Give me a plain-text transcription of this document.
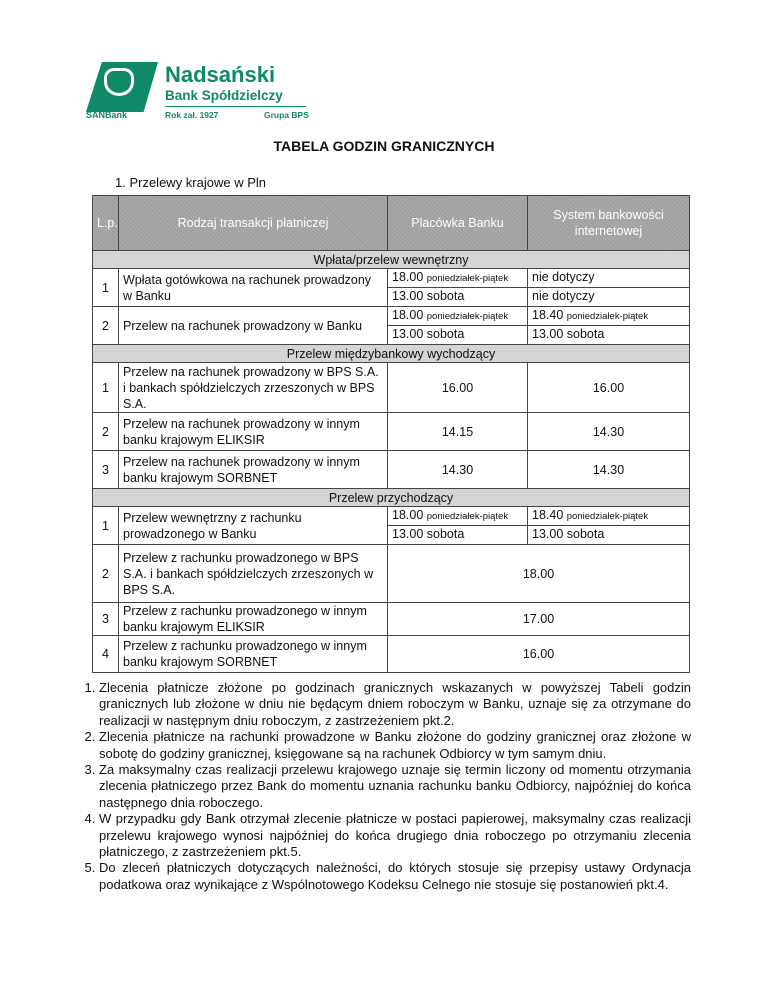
SANBank
Nadsański
Bank Spółdzielczy
Rok zał. 1927	Grupa BPS
TABELA GODZIN GRANICZNYCH
1. Przelewy krajowe w Pln
L.p.	Rodzaj transakcji płatniczej	Placówka Banku	System bankowości internetowej
Wpłata/przelew wewnętrzny			
1	Wpłata gotówkowa na rachunek prowadzony w Banku	18.00 poniedziałek-piątek	nie dotyczy
		13.00 sobota	nie dotyczy
2	Przelew na rachunek prowadzony w Banku	18.00 poniedziałek-piątek	18.40 poniedziałek-piątek
		13.00 sobota	13.00 sobota
Przelew międzybankowy wychodzący			
1	Przelew na rachunek prowadzony w BPS S.A. i bankach spółdzielczych zrzeszonych w BPS S.A.	16.00	16.00
2	Przelew na rachunek prowadzony w innym banku krajowym ELIKSIR	14.15	14.30
3	Przelew na rachunek prowadzony w innym banku krajowym SORBNET	14.30	14.30
Przelew przychodzący			
1	Przelew wewnętrzny z rachunku prowadzonego w Banku	18.00 poniedziałek-piątek	18.40 poniedziałek-piątek
		13.00 sobota	13.00 sobota
2	Przelew z rachunku prowadzonego w BPS S.A. i bankach spółdzielczych zrzeszonych w BPS S.A.	18.00	
3	Przelew z rachunku prowadzonego w innym banku krajowym ELIKSIR	17.00	
4	Przelew z rachunku prowadzonego w innym banku krajowym SORBNET	16.00	
1. Zlecenia płatnicze złożone po godzinach granicznych wskazanych w powyższej Tabeli godzin granicznych lub złożone w dniu nie będącym dniem roboczym w Banku, uznaje się za otrzymane do realizacji w następnym dniu roboczym, z zastrzeżeniem pkt.2.
2. Zlecenia płatnicze na rachunki prowadzone w Banku złożone do godziny granicznej oraz złożone w sobotę do godziny granicznej, księgowane są na rachunek Odbiorcy w tym samym dniu.
3. Za maksymalny czas realizacji przelewu krajowego uznaje się termin liczony od momentu otrzymania zlecenia płatniczego przez Bank do momentu uznania rachunku banku Odbiorcy, najpóźniej do końca następnego dnia roboczego.
4. W przypadku gdy Bank otrzymał zlecenie płatnicze w postaci papierowej, maksymalny czas realizacji przelewu krajowego wynosi najpóźniej do końca drugiego dnia roboczego po otrzymaniu zlecenia płatniczego, z zastrzeżeniem pkt.5.
5. Do zleceń płatniczych dotyczących należności, do których stosuje się przepisy ustawy Ordynacja podatkowa oraz wynikające z Wspólnotowego Kodeksu Celnego nie stosuje się postanowień pkt.4.
